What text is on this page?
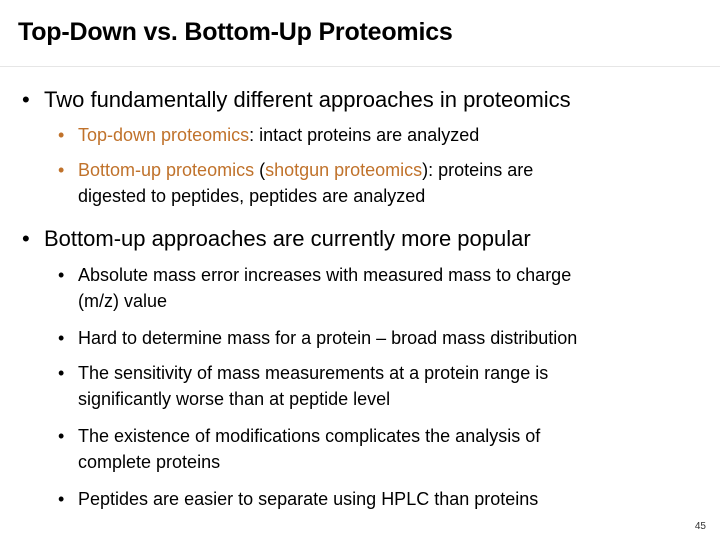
Top-Down vs. Bottom-Up Proteomics
• Two fundamentally different approaches in proteomics
• Top-down proteomics: intact proteins are analyzed
• Bottom-up proteomics (shotgun proteomics): proteins are
digested to peptides, peptides are analyzed
• Bottom-up approaches are currently more popular
• Absolute mass error increases with measured mass to charge
(m/z) value
• Hard to determine mass for a protein – broad mass distribution
• The sensitivity of mass measurements at a protein range is
significantly worse than at peptide level
• The existence of modifications complicates the analysis of
complete proteins
• Peptides are easier to separate using HPLC than proteins
45
